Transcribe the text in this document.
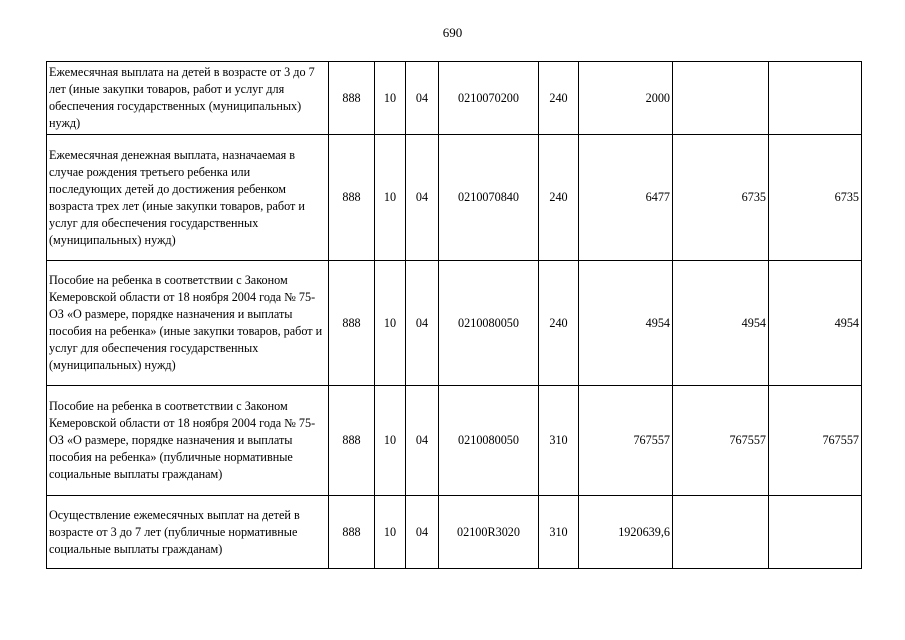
690
Ежемесячная выплата на детей в возрасте от 3 до 7 лет (иные закупки товаров, работ и услуг для обеспечения государственных (муниципальных) нужд)	888	10	04	0210070200	240	2000		
Ежемесячная денежная выплата, назначаемая в случае рождения третьего ребенка или последующих детей до достижения ребенком возраста трех лет (иные закупки товаров, работ и услуг для обеспечения государственных (муниципальных) нужд)	888	10	04	0210070840	240	6477	6735	6735
Пособие на ребенка в соответствии с Законом Кемеровской области от 18 ноября 2004 года № 75-ОЗ «О размере, порядке назначения и выплаты пособия на ребенка» (иные закупки товаров, работ и услуг для обеспечения государственных (муниципальных) нужд)	888	10	04	0210080050	240	4954	4954	4954
Пособие на ребенка в соответствии с Законом Кемеровской области от 18 ноября 2004 года № 75-ОЗ «О размере, порядке назначения и выплаты пособия на ребенка» (публичные нормативные социальные выплаты гражданам)	888	10	04	0210080050	310	767557	767557	767557
Осуществление ежемесячных выплат на детей в возрасте от 3 до 7 лет (публичные нормативные социальные выплаты гражданам)	888	10	04	02100R3020	310	1920639,6		
